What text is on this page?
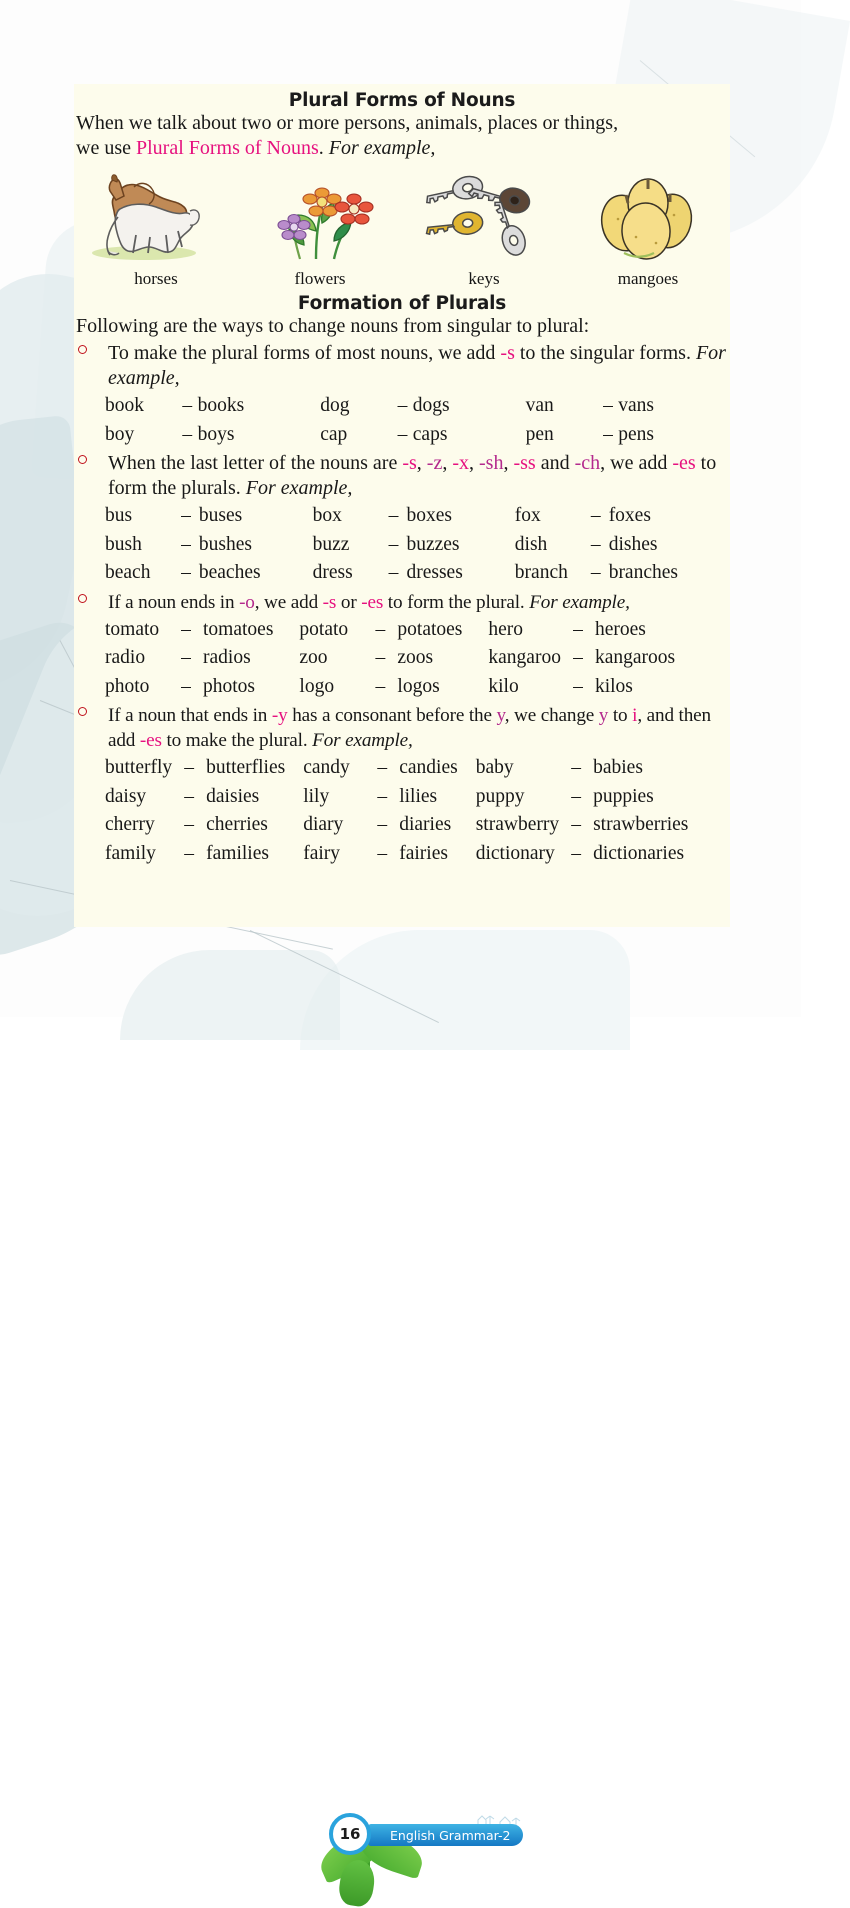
Plural Forms of Nouns

When we talk about two or more persons, animals, places or things,
we use Plural Forms of Nouns. For example,

horses	flowers	keys	mangoes
Formation of Plurals

Following are the ways to change nouns from singular to plural:

To make the plural forms of most nouns, we add -s to the singular forms. For example,

book	–	books	dog	–	dogs	van	–	vans
boy	–	boys	cap	–	caps	pen	–	pens

When the last letter of the nouns are -s, -z, -x, -sh, -ss and -ch, we add -es to form the plurals. For example,

bus	–	buses	box	–	boxes	fox	–	foxes
bush	–	bushes	buzz	–	buzzes	dish	–	dishes
beach	–	beaches	dress	–	dresses	branch	–	branches

If a noun ends in -o, we add -s or -es to form the plural. For example,

tomato	–	tomatoes	potato	–	potatoes	hero	–	heroes
radio	–	radios	zoo	–	zoos	kangaroo	–	kangaroos
photo	–	photos	logo	–	logos	kilo	–	kilos

If a noun that ends in -y has a consonant before the y, we change y to i, and then add -es to make the plural. For example,

butterfly	–	butterflies	candy	–	candies	baby	–	babies
daisy	–	daisies	lily	–	lilies	puppy	–	puppies
cherry	–	cherries	diary	–	diaries	strawberry	–	strawberries
family	–	families	fairy	–	fairies	dictionary	–	dictionaries
English Grammar-2
16
